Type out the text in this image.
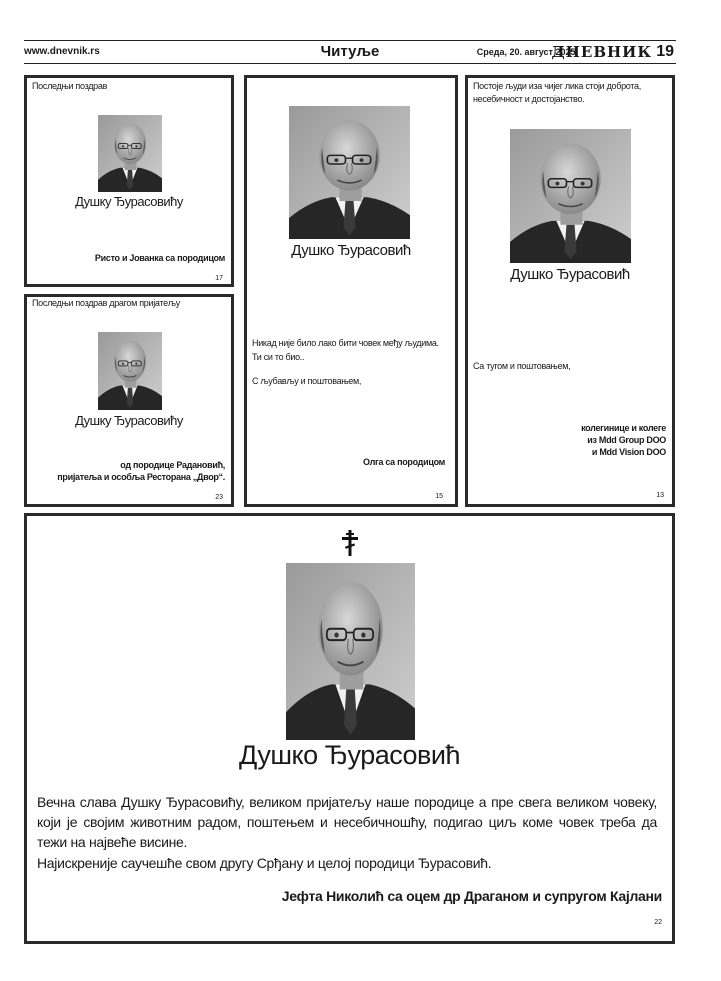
www.dnevnik.rs	Читуље	Среда, 20. август 2025.
ДНЕВНИК 19
Последњи поздрав
Душку Ђурасовићу
Ристо и Јованка са породицом
17
Последњи поздрав драгом пријатељу
Душку Ђурасовићу
од породице Радановић,
пријатеља и особља Ресторана „Двор“.
23
Душко Ђурасовић
Никад није било лако бити човек међу људима.
Ти си то био..
С љубављу и поштовањем,
Олга са породицом
15
Постоје људи иза чијег лика стоји доброта, несебичност и достојанство.
Душко Ђурасовић
Са тугом и поштовањем,
колегинице и колеге
из Mdd Group DOO
и Mdd Vision DOO
13
Душко Ђурасовић
Вечна слава Душку Ђурасовићу, великом пријатељу наше породице а пре свега великом човеку, који је својим животним радом, поштењем и несебичношћу, подигао циљ коме човек треба да тежи на највеће висине.
Најискреније саучешће свом другу Срђану и целој породици Ђурасовић.
Јефта Николић са оцем др Драганом и супругом Кајлани
22
